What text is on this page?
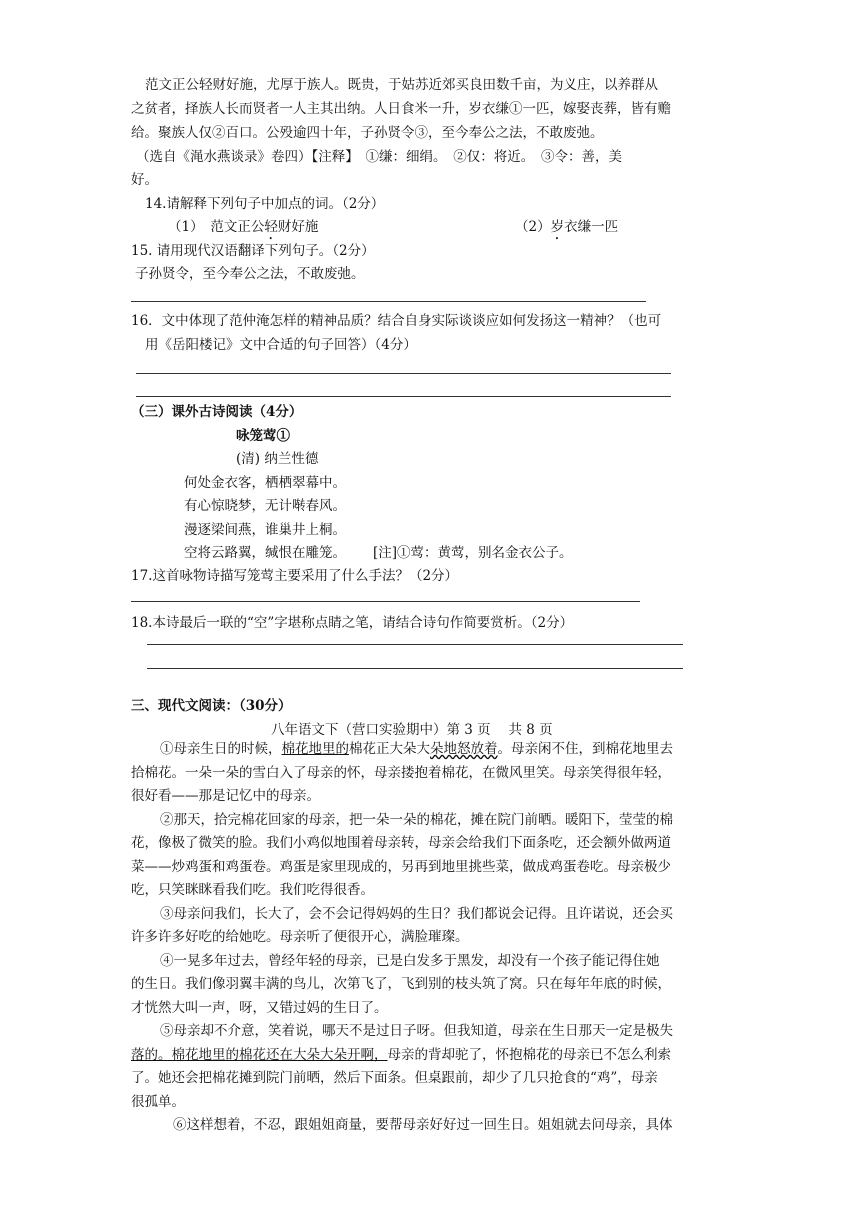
范文正公轻财好施，尤厚于族人。既贵，于姑苏近郊买良田数千亩，为义庄，以养群从
之贫者，择族人长而贤者一人主其出纳。人日食米一升，岁衣缣①一匹，嫁娶丧葬，皆有赡
给。聚族人仅②百口。公殁逾四十年，子孙贤令③，至今奉公之法，不敢废弛。
（选自《渑水燕谈录》卷四）【注释】　①缣：细绢。　②仅：将近。　③令：善，美
好。
14.请解释下列句子中加点的词。（2分）
（1）　范文正公轻财好施	（2）岁衣缣一匹
15. 请用现代汉语翻译下列句子。（2分）
子孙贤令，至今奉公之法，不敢废弛。
16．文中体现了范仲淹怎样的精神品质？结合自身实际谈谈应如何发扬这一精神？（也可
用《岳阳楼记》文中合适的句子回答）（4分）
（三）课外古诗阅读（4分）
咏笼莺①
(清) 纳兰性德
何处金衣客，栖栖翠幕中。
有心惊晓梦，无计啭春风。
漫逐梁间燕，谁巢井上桐。
空将云路翼，缄恨在雕笼。 [注]①莺：黄莺，别名金衣公子。
17.这首咏物诗描写笼莺主要采用了什么手法？（2分）
18.本诗最后一联的“空”字堪称点睛之笔，请结合诗句作简要赏析。（2分）
三、现代文阅读：（30分）
八年语文下（营口实验期中）第 3 页　 共 8 页
①母亲生日的时候，棉花地里的棉花正大朵大朵地怒放着。母亲闲不住，到棉花地里去
拾棉花。一朵一朵的雪白入了母亲的怀，母亲搂抱着棉花，在微风里笑。母亲笑得很年轻，
很好看——那是记忆中的母亲。
②那天，拾完棉花回家的母亲，把一朵一朵的棉花，摊在院门前晒。暖阳下，莹莹的棉
花，像极了微笑的脸。我们小鸡似地围着母亲转，母亲会给我们下面条吃，还会额外做两道
菜——炒鸡蛋和鸡蛋卷。鸡蛋是家里现成的，另再到地里挑些菜，做成鸡蛋卷吃。母亲极少
吃，只笑眯眯看我们吃。我们吃得很香。
③母亲问我们，长大了，会不会记得妈妈的生日？我们都说会记得。且许诺说，还会买
许多许多好吃的给她吃。母亲听了便很开心，满脸璀璨。
④一晃多年过去，曾经年轻的母亲，已是白发多于黑发，却没有一个孩子能记得住她
的生日。我们像羽翼丰满的鸟儿，次第飞了，飞到别的枝头筑了窝。只在每年年底的时候，
才恍然大叫一声，呀，又错过妈的生日了。
⑤母亲却不介意，笑着说，哪天不是过日子呀。但我知道，母亲在生日那天一定是极失
落的。棉花地里的棉花还在大朵大朵开啊，母亲的背却驼了，怀抱棉花的母亲已不怎么利索
了。她还会把棉花摊到院门前晒，然后下面条。但桌跟前，却少了几只抢食的“鸡”，母亲
很孤单。
⑥这样想着，不忍，跟姐姐商量，要帮母亲好好过一回生日。姐姐就去问母亲，具体
